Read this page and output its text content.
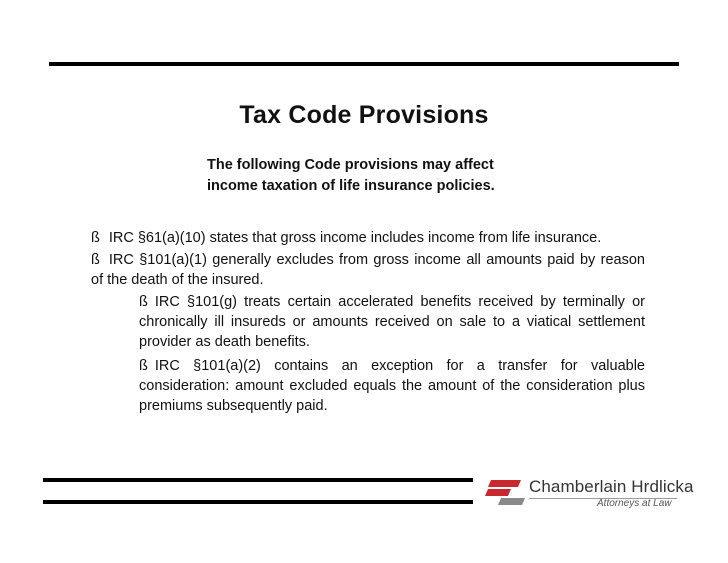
Tax Code Provisions
The following Code provisions may affect
income taxation of life insurance policies.
ß IRC §61(a)(10) states that gross income includes income from life insurance.
ß IRC §101(a)(1) generally excludes from gross income all amounts paid by reason of the death of the insured.
ß IRC §101(g) treats certain accelerated benefits received by terminally or chronically ill insureds or amounts received on sale to a viatical settlement provider as death benefits.
ß IRC §101(a)(2) contains an exception for a transfer for valuable consideration: amount excluded equals the amount of the consideration plus premiums subsequently paid.
Chamberlain Hrdlicka
Attorneys at Law
